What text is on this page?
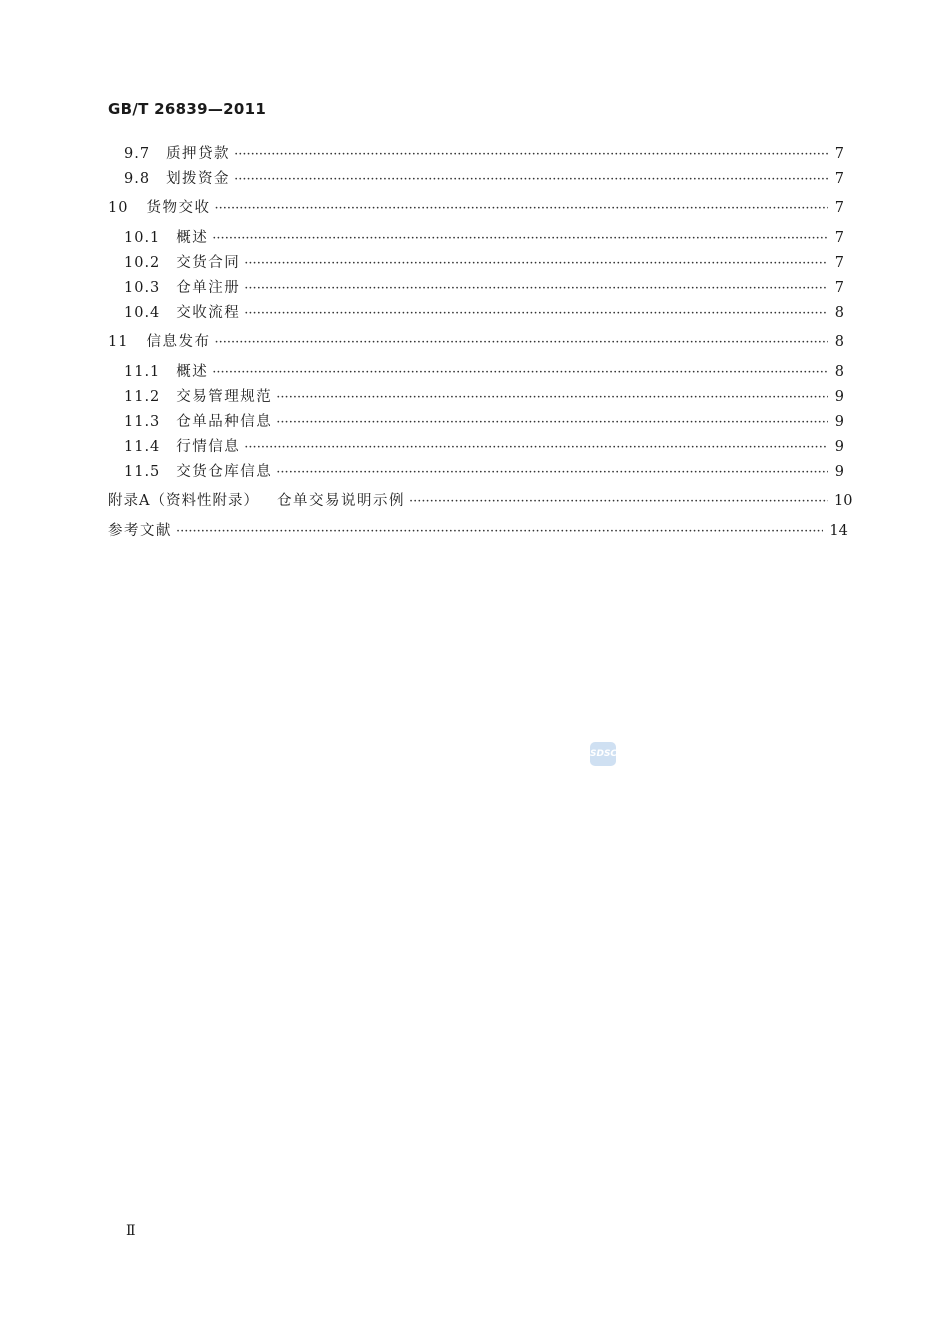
GB/T 26839—2011
9.7 质押贷款 ·····	7
9.8 划拨资金 ·····	7
10 货物交收 ·····	7
10.1 概述 ·····	7
10.2 交货合同 ·····	7
10.3 仓单注册 ·····	7
10.4 交收流程 ·····	8
11 信息发布 ·····	8
11.1 概述 ·····	8
11.2 交易管理规范 ·····	9
11.3 仓单品种信息 ·····	9
11.4 行情信息 ·····	9
11.5 交货仓库信息 ·····	9
附录A（资料性附录） 仓单交易说明示例 ·····	10
参考文献 ·····	14
SDSC
Ⅱ
